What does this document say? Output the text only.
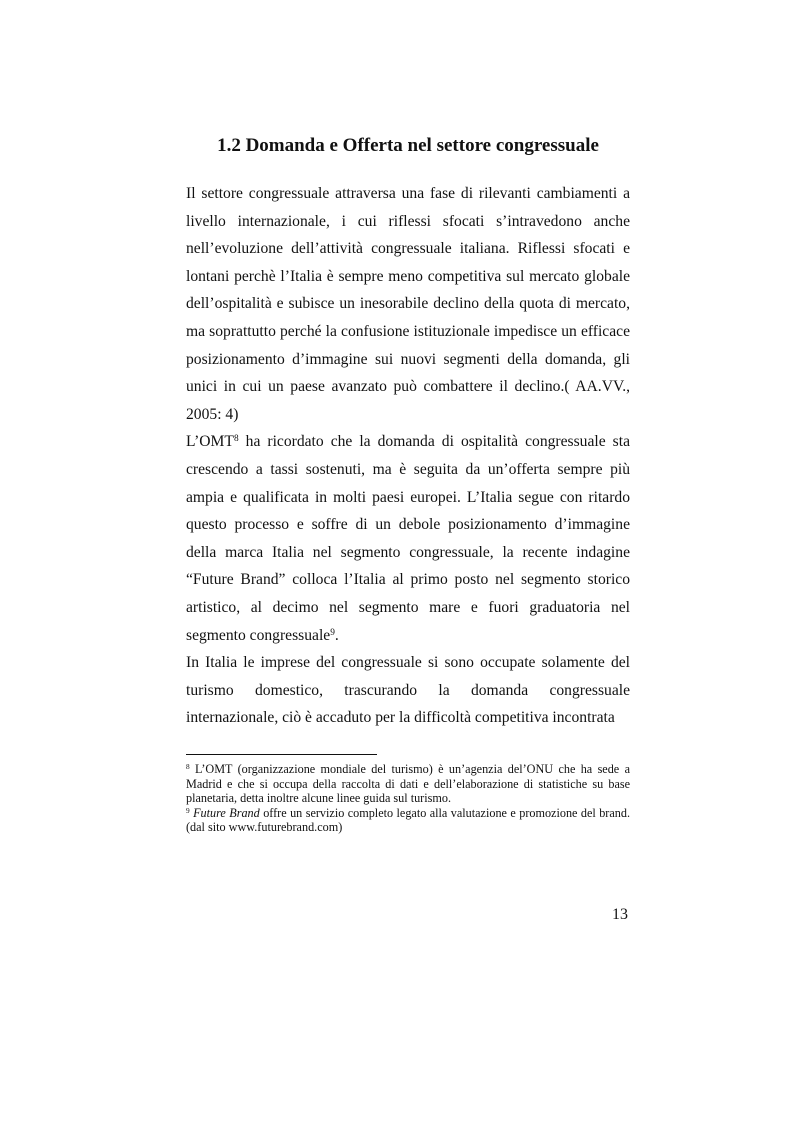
1.2 Domanda e Offerta nel settore congressuale

Il settore congressuale attraversa una fase di rilevanti cambiamenti a livello internazionale, i cui riflessi sfocati s’intravedono anche nell’evoluzione dell’attività congressuale italiana. Riflessi sfocati e lontani perchè l’Italia è sempre meno competitiva sul mercato globale dell’ospitalità e subisce un inesorabile declino della quota di mercato, ma soprattutto perché la confusione istituzionale impedisce un efficace posizionamento d’immagine sui nuovi segmenti della domanda, gli unici in cui un paese avanzato può combattere il declino.( AA.VV., 2005: 4)

L’OMT$^8$ ha ricordato che la domanda di ospitalità congressuale sta crescendo a tassi sostenuti, ma è seguita da un’offerta sempre più ampia e qualificata in molti paesi europei. L’Italia segue con ritardo questo processo e soffre di un debole posizionamento d’immagine della marca Italia nel segmento congressuale, la recente indagine “Future Brand” colloca l’Italia al primo posto nel segmento storico artistico, al decimo nel segmento mare e fuori graduatoria nel segmento congressuale$^9$.

In Italia le imprese del congressuale si sono occupate solamente del turismo domestico, trascurando la domanda congressuale internazionale, ciò è accaduto per la difficoltà competitiva incontrata

$^8$ L’OMT (organizzazione mondiale del turismo) è un’agenzia del’ONU che ha sede a Madrid e che si occupa della raccolta di dati e dell’elaborazione di statistiche su base planetaria, detta inoltre alcune linee guida sul turismo.

$^9$ Future Brand offre un servizio completo legato alla valutazione e promozione del brand. (dal sito www.futurebrand.com)

13
